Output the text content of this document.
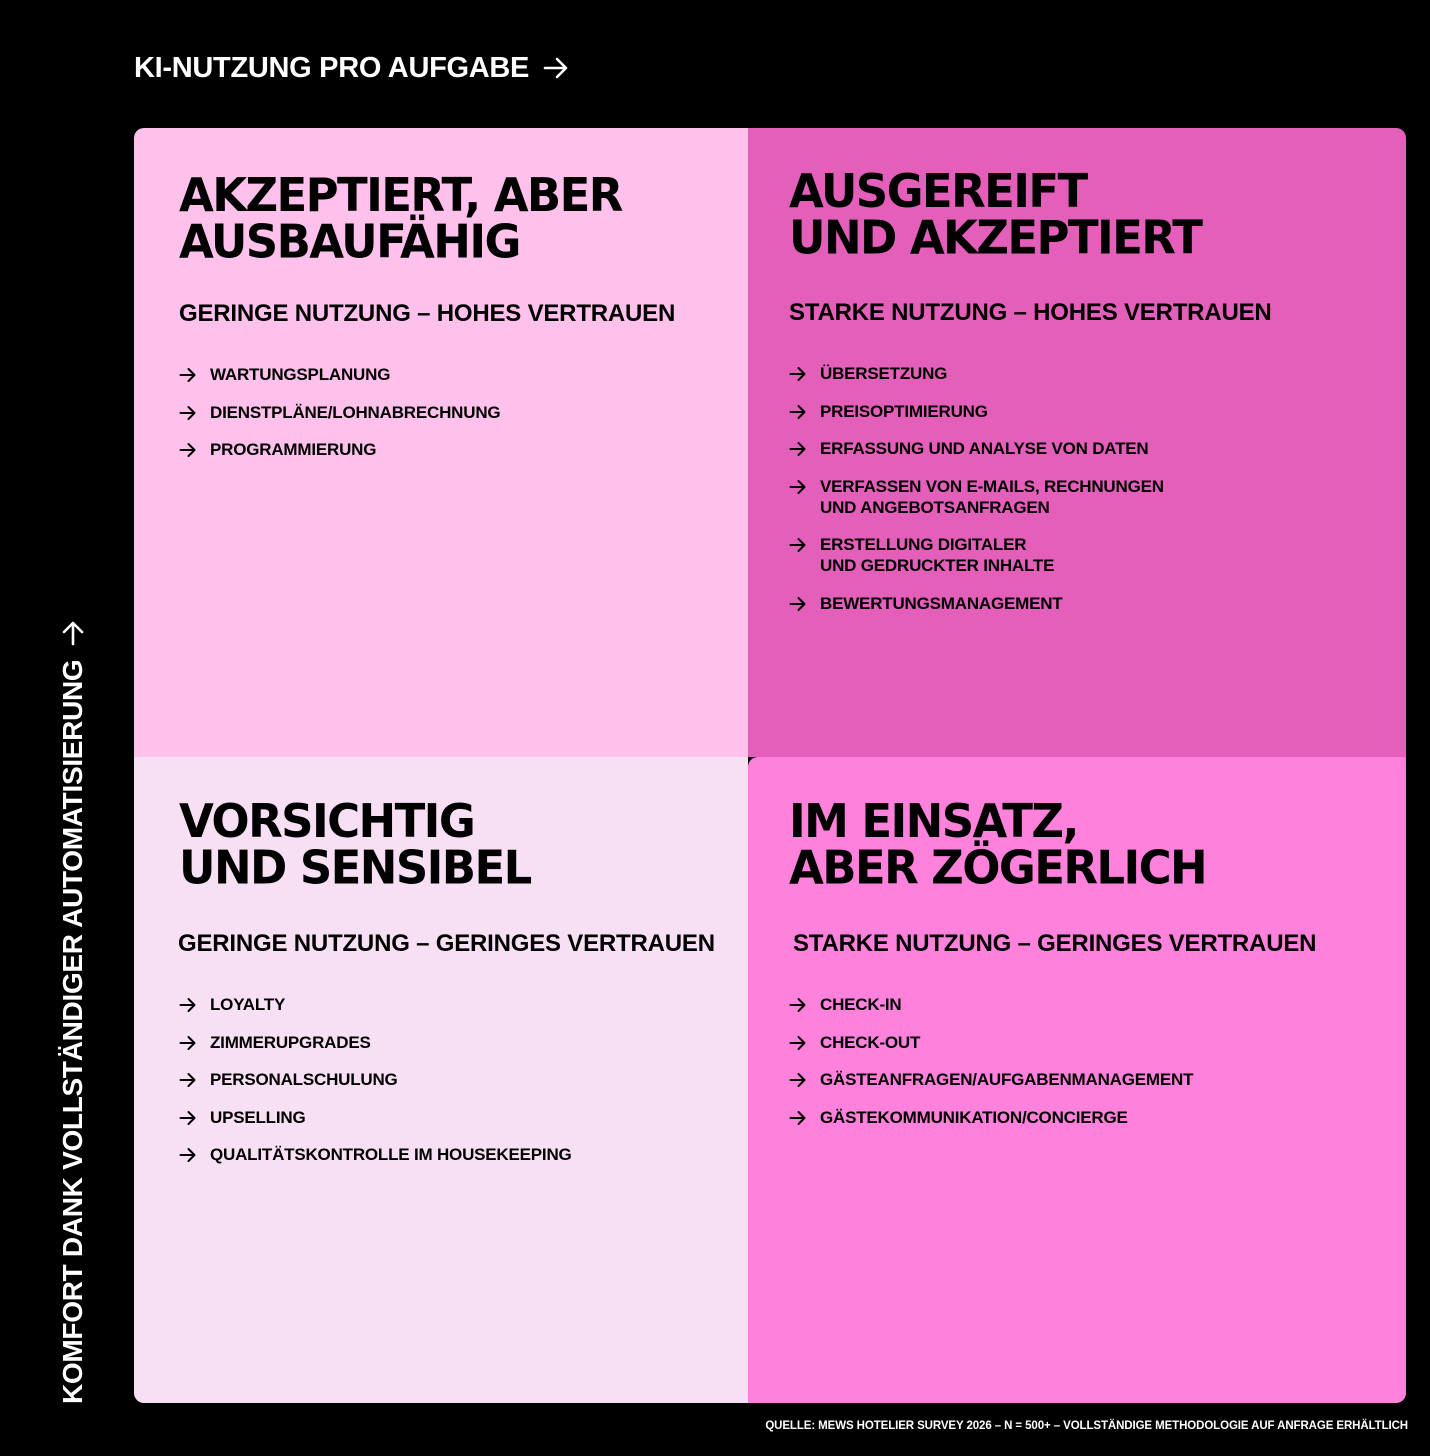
KI-NUTZUNG PRO AUFGABE
KOMFORT DANK VOLLSTÄNDIGER AUTOMATISIERUNG
AKZEPTIERT, ABER
AUSBAUFÄHIG
GERINGE NUTZUNG – HOHES VERTRAUEN
WARTUNGSPLANUNG
DIENSTPLÄNE/LOHNABRECHNUNG
PROGRAMMIERUNG
AUSGEREIFT
UND AKZEPTIERT
STARKE NUTZUNG – HOHES VERTRAUEN
ÜBERSETZUNG
PREISOPTIMIERUNG
ERFASSUNG UND ANALYSE VON DATEN
VERFASSEN VON E-MAILS, RECHNUNGEN
UND ANGEBOTSANFRAGEN
ERSTELLUNG DIGITALER
UND GEDRUCKTER INHALTE
BEWERTUNGSMANAGEMENT
VORSICHTIG
UND SENSIBEL
GERINGE NUTZUNG – GERINGES VERTRAUEN
LOYALTY
ZIMMERUPGRADES
PERSONALSCHULUNG
UPSELLING
QUALITÄTSKONTROLLE IM HOUSEKEEPING
IM EINSATZ,
ABER ZÖGERLICH
STARKE NUTZUNG – GERINGES VERTRAUEN
CHECK-IN
CHECK-OUT
GÄSTEANFRAGEN/AUFGABENMANAGEMENT
GÄSTEKOMMUNIKATION/CONCIERGE
QUELLE: MEWS HOTELIER SURVEY 2026 – N = 500+ – VOLLSTÄNDIGE METHODOLOGIE AUF ANFRAGE ERHÄLTLICH
